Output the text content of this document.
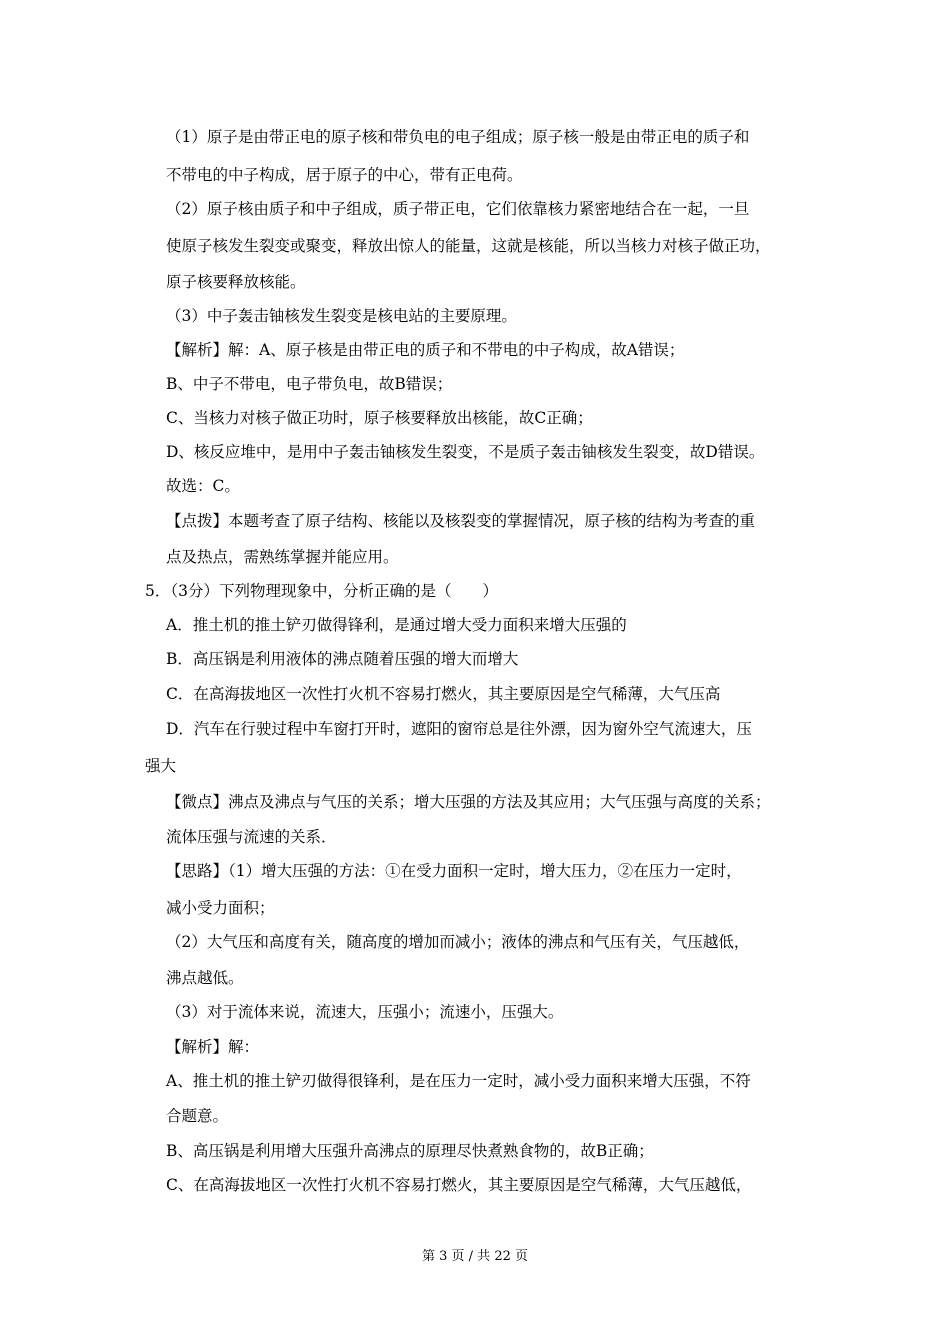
（1）原子是由带正电的原子核和带负电的电子组成；原子核一般是由带正电的质子和
不带电的中子构成，居于原子的中心，带有正电荷。
（2）原子核由质子和中子组成，质子带正电，它们依靠核力紧密地结合在一起，一旦
使原子核发生裂变或聚变，释放出惊人的能量，这就是核能，所以当核力对核子做正功，
原子核要释放核能。
（3）中子轰击铀核发生裂变是核电站的主要原理。
【解析】解：A、原子核是由带正电的质子和不带电的中子构成，故A错误；
B、中子不带电，电子带负电，故B错误；
C、当核力对核子做正功时，原子核要释放出核能，故C正确；
D、核反应堆中，是用中子轰击铀核发生裂变，不是质子轰击铀核发生裂变，故D错误。
故选：C。
【点拨】本题考查了原子结构、核能以及核裂变的掌握情况，原子核的结构为考查的重
点及热点，需熟练掌握并能应用。
5．（3分）下列物理现象中，分析正确的是（　　）
A．推土机的推土铲刃做得锋利，是通过增大受力面积来增大压强的
B．高压锅是利用液体的沸点随着压强的增大而增大
C．在高海拔地区一次性打火机不容易打燃火，其主要原因是空气稀薄，大气压高
D．汽车在行驶过程中车窗打开时，遮阳的窗帘总是往外漂，因为窗外空气流速大，压
强大
【微点】沸点及沸点与气压的关系；增大压强的方法及其应用；大气压强与高度的关系；
流体压强与流速的关系．
【思路】（1）增大压强的方法：①在受力面积一定时，增大压力，②在压力一定时，
减小受力面积；
（2）大气压和高度有关，随高度的增加而减小；液体的沸点和气压有关，气压越低，
沸点越低。
（3）对于流体来说，流速大，压强小；流速小，压强大。
【解析】解：
A、推土机的推土铲刃做得很锋利，是在压力一定时，减小受力面积来增大压强，不符
合题意。
B、高压锅是利用增大压强升高沸点的原理尽快煮熟食物的，故B正确；
C、在高海拔地区一次性打火机不容易打燃火，其主要原因是空气稀薄，大气压越低，
第 3 页 / 共 22 页
